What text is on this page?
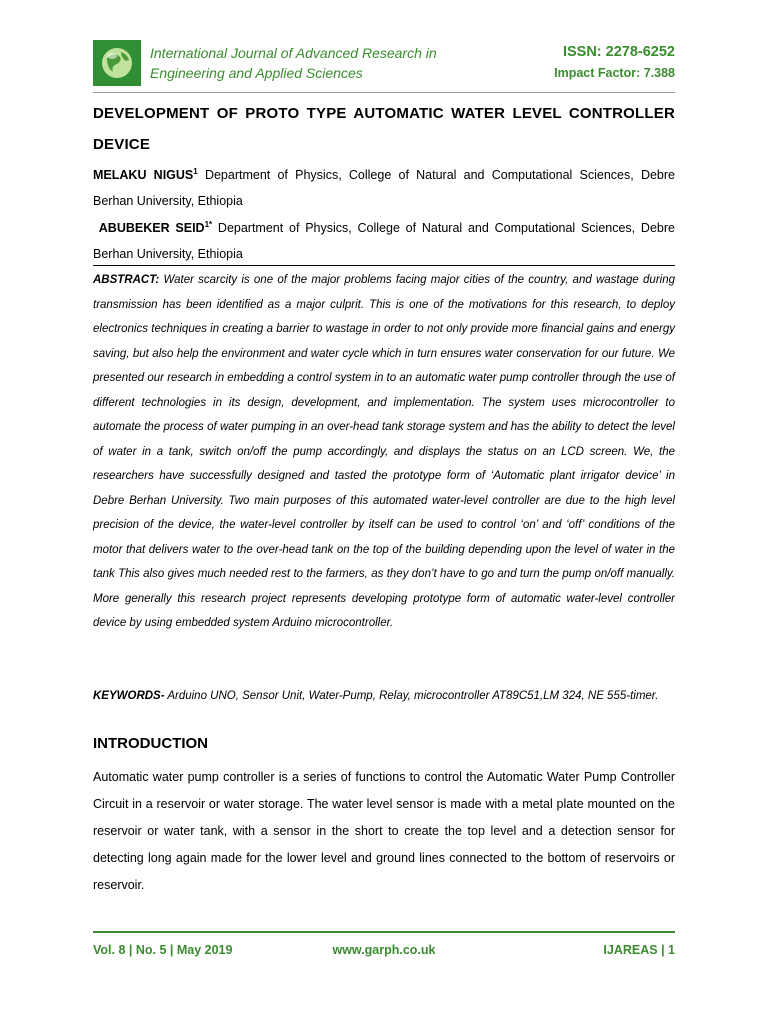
International Journal of Advanced Research in
Engineering and Applied Sciences
ISSN: 2278-6252
Impact Factor: 7.388
DEVELOPMENT OF PROTO TYPE AUTOMATIC WATER LEVEL CONTROLLER DEVICE
MELAKU NIGUS$^1$ Department of Physics, College of Natural and Computational Sciences, Debre Berhan University, Ethiopia
ABUBEKER $SEID^{1*}$ Department of Physics, College of Natural and Computational Sciences, Debre Berhan University, Ethiopia
ABSTRACT: Water scarcity is one of the major problems facing major cities of the country, and wastage during transmission has been identified as a major culprit. This is one of the motivations for this research, to deploy electronics techniques in creating a barrier to wastage in order to not only provide more financial gains and energy saving, but also help the environment and water cycle which in turn ensures water conservation for our future. We presented our research in embedding a control system in to an automatic water pump controller through the use of different technologies in its design, development, and implementation. The system uses microcontroller to automate the process of water pumping in an over-head tank storage system and has the ability to detect the level of water in a tank, switch on/off the pump accordingly, and displays the status on an LCD screen. We, the researchers have successfully designed and tasted the prototype form of ‘Automatic plant irrigator device’ in Debre Berhan University. Two main purposes of this automated water-level controller are due to the high level precision of the device, the water-level controller by itself can be used to control ‘on’ and ‘off’ conditions of the motor that delivers water to the over-head tank on the top of the building depending upon the level of water in the tank This also gives much needed rest to the farmers, as they don’t have to go and turn the pump on/off manually. More generally this research project represents developing prototype form of automatic water-level controller device by using embedded system Arduino microcontroller.
KEYWORDS- Arduino UNO, Sensor Unit, Water-Pump, Relay, microcontroller AT89C51,LM 324, NE 555-timer.
INTRODUCTION
Automatic water pump controller is a series of functions to control the Automatic Water Pump Controller Circuit in a reservoir or water storage. The water level sensor is made with a metal plate mounted on the reservoir or water tank, with a sensor in the short to create the top level and a detection sensor for detecting long again made for the lower level and ground lines connected to the bottom of reservoirs or reservoir.
Vol. 8 | No. 5 | May 2019	www.garph.co.uk	IJAREAS | 1
